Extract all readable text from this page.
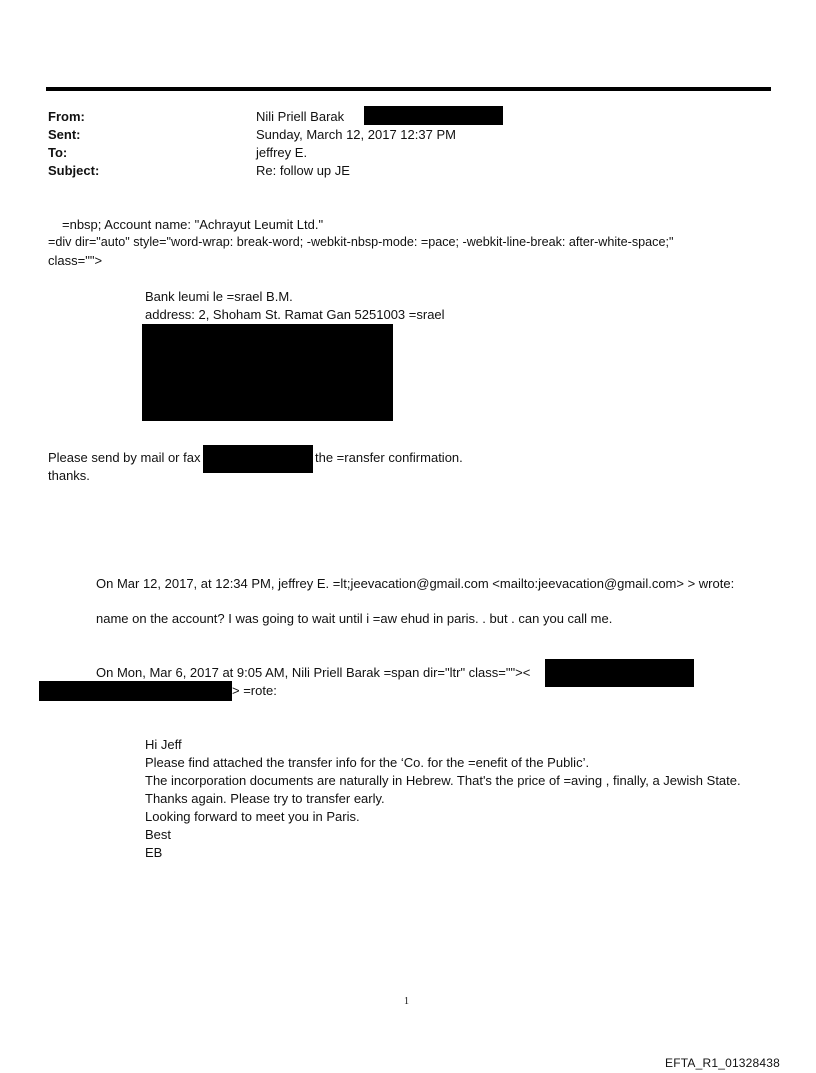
From:	Nili Priell Barak
Sent:	Sunday, March 12, 2017 12:37 PM
To:	jeffrey E.
Subject:	Re: follow up JE
=nbsp; Account name: "Achrayut Leumit Ltd."
=div dir="auto" style="word-wrap: break-word; -webkit-nbsp-mode: =pace; -webkit-line-break: after-white-space;"
class="">
Bank leumi le =srael B.M.
address: 2, Shoham St. Ramat Gan 5251003 =srael
Please send by mail or fax	the =ransfer confirmation.
thanks.
On Mar 12, 2017, at 12:34 PM, jeffrey E. =lt;jeevacation@gmail.com <mailto:jeevacation@gmail.com> > wrote:
name on the account? I was going to wait until i =aw ehud in paris. . but . can you call me.
On Mon, Mar 6, 2017 at 9:05 AM, Nili Priell Barak =span dir="ltr" class=""><
> =rote:
Hi Jeff
Please find attached the transfer info for the ‘Co. for the =enefit of the Public’.
The incorporation documents are naturally in Hebrew. That's the price of =aving , finally, a Jewish State.
Thanks again. Please try to transfer early.
Looking forward to meet you in Paris.
Best
EB
1
EFTA_R1_01328438
